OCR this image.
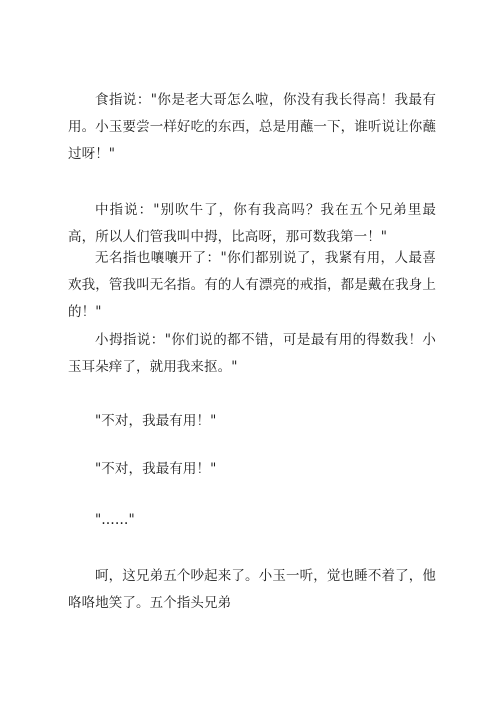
食指说："你是老大哥怎么啦，你没有我长得高！我最有用。小玉要尝一样好吃的东西，总是用蘸一下，谁听说让你蘸过呀！"

中指说："别吹牛了，你有我高吗？我在五个兄弟里最高，所以人们管我叫中拇，比高呀，那可数我第一！"

无名指也嚷嚷开了："你们都别说了，我紧有用，人最喜欢我，管我叫无名指。有的人有漂亮的戒指，都是戴在我身上的！"

小拇指说："你们说的都不错，可是最有用的得数我！小玉耳朵痒了，就用我来抠。"

"不对，我最有用！"

"不对，我最有用！"

"……"

呵，这兄弟五个吵起来了。小玉一听，觉也睡不着了，他咯咯地笑了。五个指头兄弟
